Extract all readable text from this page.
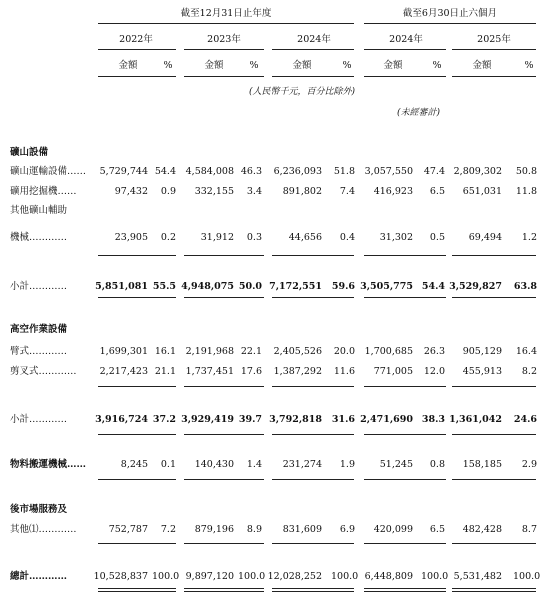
截至12月31日止年度	截至6月30日止六個月
2022年	2023年	2024年	2024年	2025年
金額	%	金額	%	金額	%	金額	%	金額	%
(人民幣千元，百分比除外)
(未經審計)
礦山設備
礦山運輸設備……	5,729,744 54.4	4,584,008 46.3	6,236,093 51.8	3,057,550 47.4 2,809,302 50.8
礦用挖掘機……	97,432	0.9	332,155	3.4	891,802	7.4	416,923	6.5	651,031 11.8
其他礦山輔助
機械…………	23,905	0.2	31,912	0.3	44,656	0.4	31,302	0.5	69,494	1.2
小計…………	5,851,081 55.5 4,948,075 50.0 7,172,551 59.6 3,505,775 54.4 3,529,827 63.8
高空作業設備
臂式…………	1,699,301 16.1	2,191,968 22.1	2,405,526 20.0	1,700,685 26.3	905,129 16.4
剪叉式…………	2,217,423 21.1	1,737,451 17.6	1,387,292 11.6	771,005 12.0	455,913	8.2
小計…………	3,916,724 37.2 3,929,419 39.7 3,792,818 31.6 2,471,690 38.3 1,361,042 24.6
物料搬運機械……	8,245	0.1	140,430	1.4	231,274	1.9	51,245	0.8	158,185	2.9
後市場服務及
其他⑴…………	752,787	7.2	879,196	8.9	831,609	6.9	420,099	6.5	482,428	8.7
總計…………	10,528,837 100.0 9,897,120 100.0 12,028,252 100.0 6,448,809 100.0 5,531,482 100.0
